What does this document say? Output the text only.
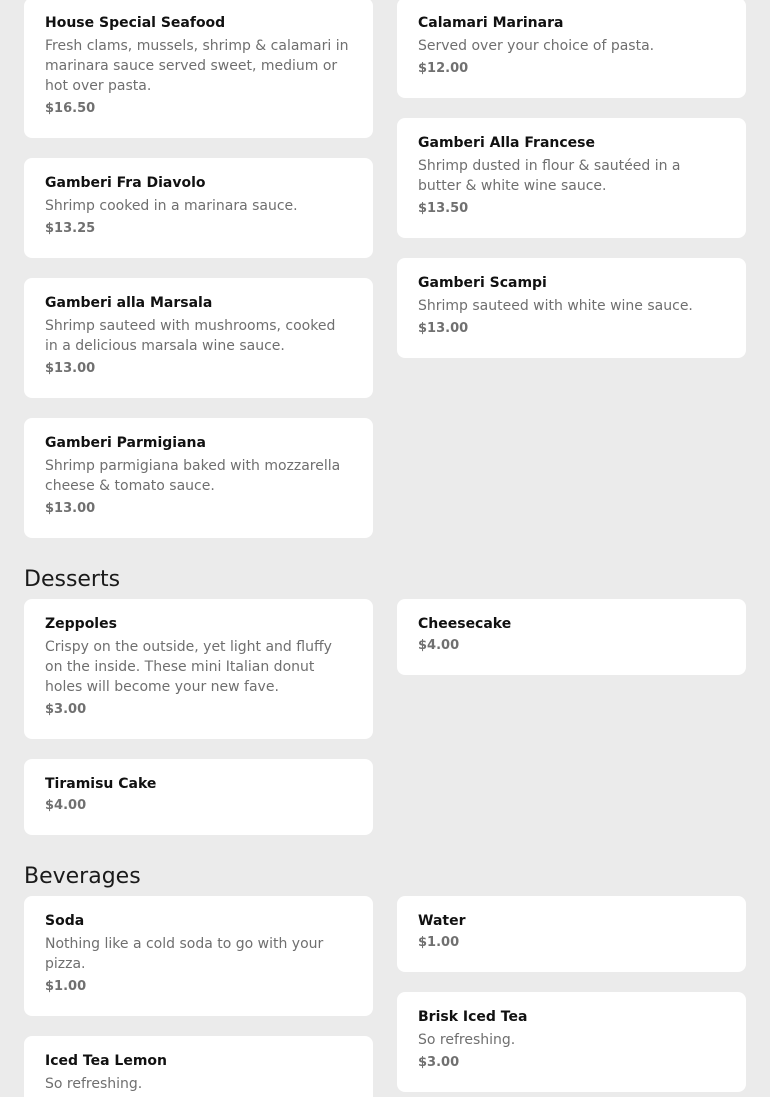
House Special Seafood

Fresh clams, mussels, shrimp & calamari in marinara sauce served sweet, medium or hot over pasta.

$16.50

Calamari Marinara

Served over your choice of pasta.

$12.00

Gamberi Alla Francese

Shrimp dusted in flour & sautéed in a butter & white wine sauce.

$13.50

Gamberi Fra Diavolo

Shrimp cooked in a marinara sauce.

$13.25

Gamberi Scampi

Shrimp sauteed with white wine sauce.

$13.00

Gamberi alla Marsala

Shrimp sauteed with mushrooms, cooked in a delicious marsala wine sauce.

$13.00

Gamberi Parmigiana

Shrimp parmigiana baked with mozzarella cheese & tomato sauce.

$13.00

Desserts

Zeppoles

Crispy on the outside, yet light and fluffy on the inside. These mini Italian donut holes will become your new fave.

$3.00

Cheesecake

$4.00

Tiramisu Cake

$4.00

Beverages

Soda

Nothing like a cold soda to go with your pizza.

$1.00

Water

$1.00

Brisk Iced Tea

So refreshing.

$3.00

Iced Tea Lemon

So refreshing.
